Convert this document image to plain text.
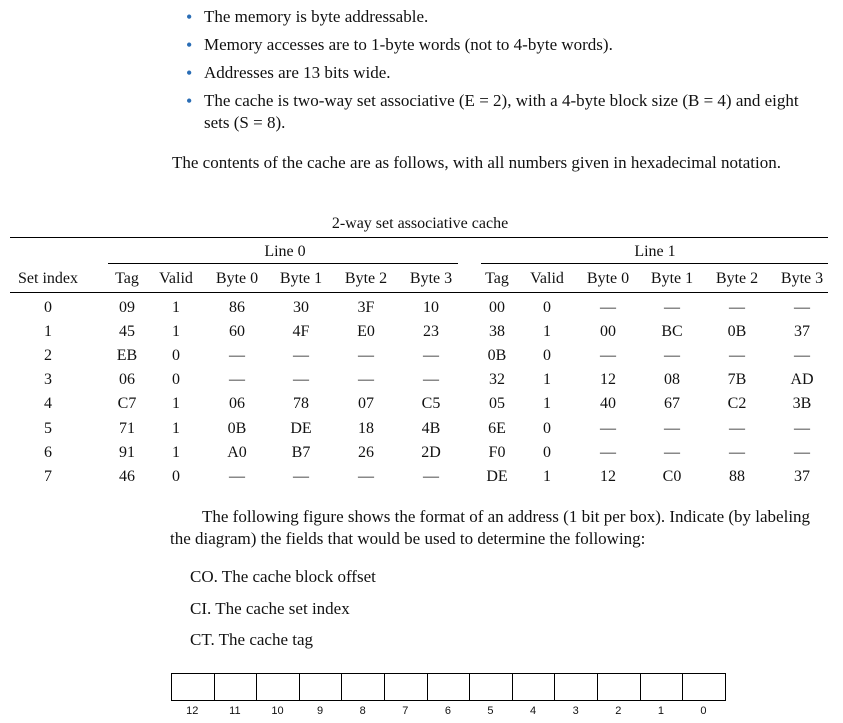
• The memory is byte addressable.
• Memory accesses are to 1-byte words (not to 4-byte words).
• Addresses are 13 bits wide.
• The cache is two-way set associative (E = 2), with a 4-byte block size (B = 4) and eight sets (S = 8).
The contents of the cache are as follows, with all numbers given in hexadecimal notation.
2-way set associative cache
Line 0	Line 1
Set index	Tag	Valid	Byte 0	Byte 1	Byte 2	Byte 3	Tag	Valid	Byte 0	Byte 1	Byte 2	Byte 3
0	09	1	86	30	3F	10	00	0	—	—	—	—
1	45	1	60	4F	E0	23	38	1	00	BC	0B	37
2	EB	0	—	—	—	—	0B	0	—	—	—	—
3	06	0	—	—	—	—	32	1	12	08	7B	AD
4	C7	1	06	78	07	C5	05	1	40	67	C2	3B
5	71	1	0B	DE	18	4B	6E	0	—	—	—	—
6	91	1	A0	B7	26	2D	F0	0	—	—	—	—
7	46	0	—	—	—	—	DE	1	12	C0	88	37
The following figure shows the format of an address (1 bit per box). Indicate (by labeling the diagram) the fields that would be used to determine the following:
CO. The cache block offset
CI. The cache set index
CT. The cache tag
12	11	10	9	8	7	6	5	4	3	2	1	0
